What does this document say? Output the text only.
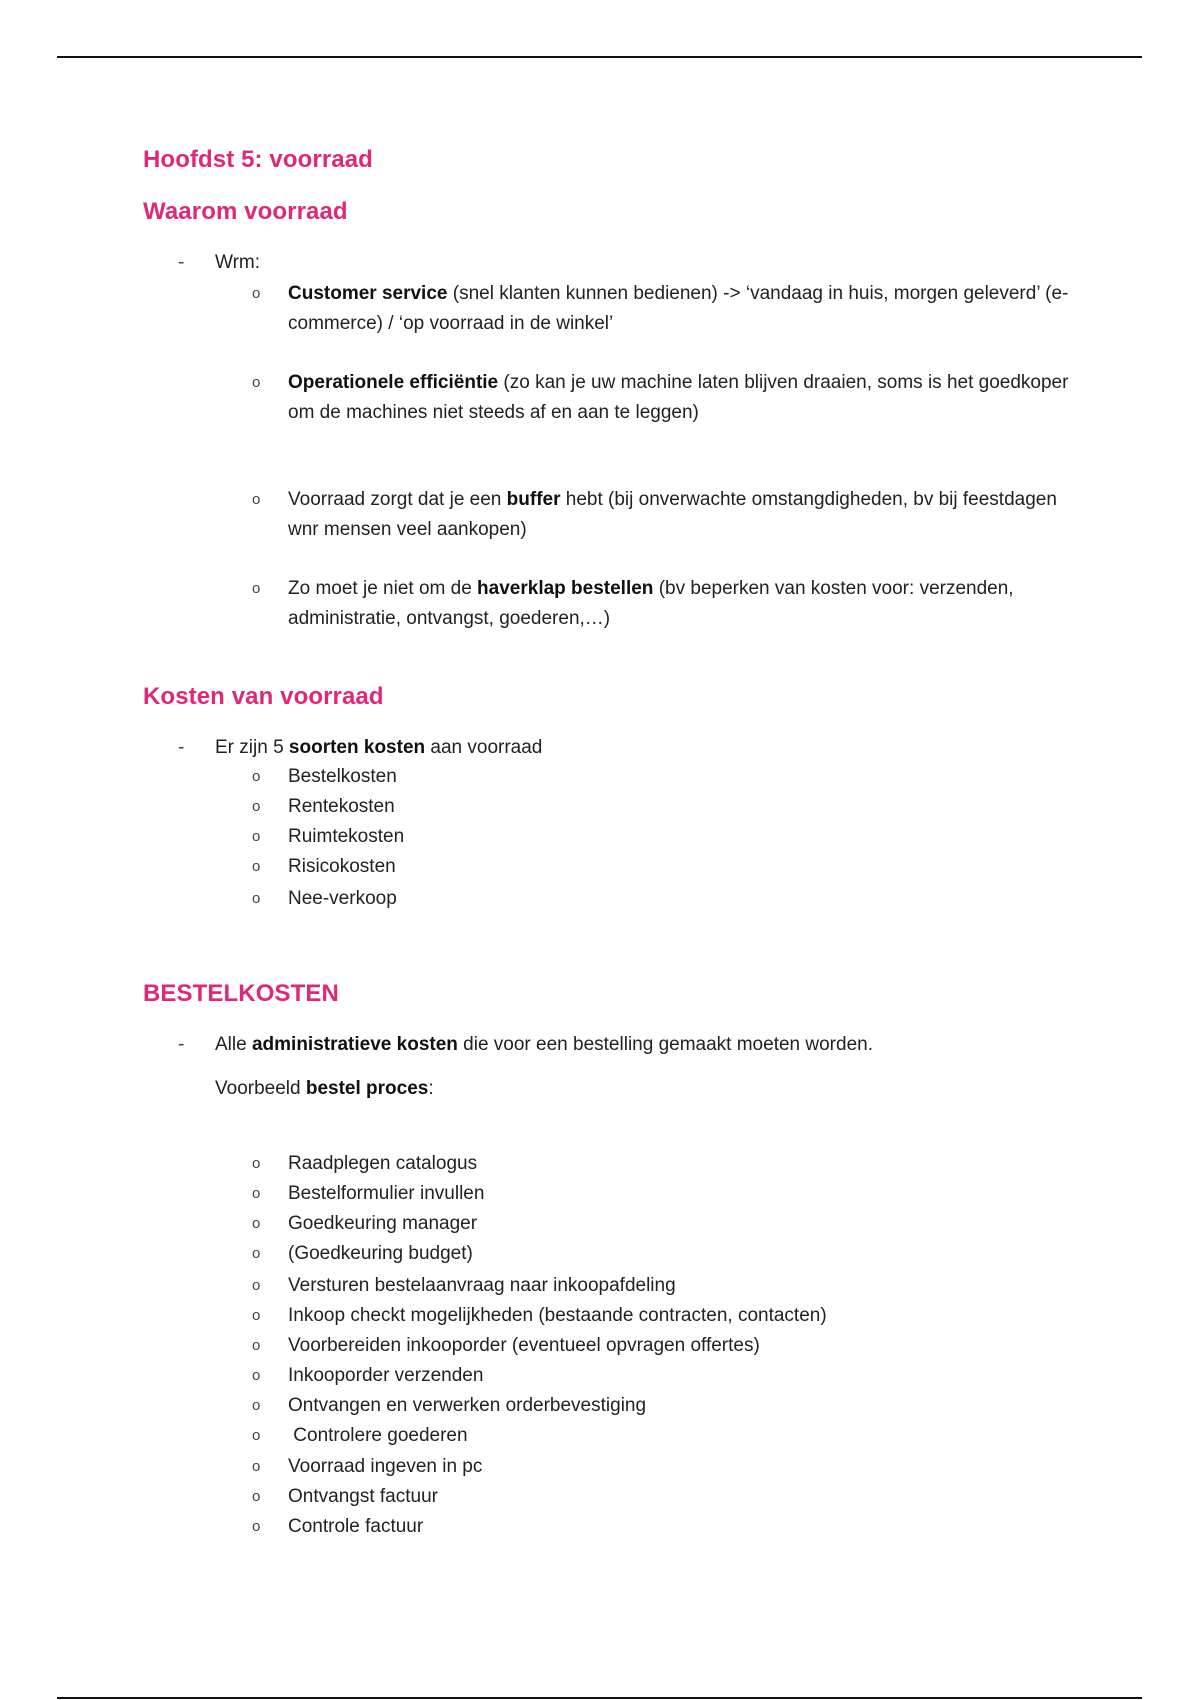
Hoofdst 5: voorraad
Waarom voorraad
- Wrm:
o Customer service (snel klanten kunnen bedienen) -> ‘vandaag in huis, morgen geleverd’ (e-commerce) / ‘op voorraad in de winkel’
o Operationele efficiëntie (zo kan je uw machine laten blijven draaien, soms is het goedkoper om de machines niet steeds af en aan te leggen)
o Voorraad zorgt dat je een buffer hebt (bij onverwachte omstangdigheden, bv bij feestdagen wnr mensen veel aankopen)
o Zo moet je niet om de haverklap bestellen (bv beperken van kosten voor: verzenden, administratie, ontvangst, goederen,…)
Kosten van voorraad
- Er zijn 5 soorten kosten aan voorraad
o Bestelkosten
o Rentekosten
o Ruimtekosten
o Risicokosten
o Nee-verkoop
BESTELKOSTEN
- Alle administratieve kosten die voor een bestelling gemaakt moeten worden.
Voorbeeld bestel proces:
o Raadplegen catalogus
o Bestelformulier invullen
o Goedkeuring manager
o (Goedkeuring budget)
o Versturen bestelaanvraag naar inkoopafdeling
o Inkoop checkt mogelijkheden (bestaande contracten, contacten)
o Voorbereiden inkooporder (eventueel opvragen offertes)
o Inkooporder verzenden
o Ontvangen en verwerken orderbevestiging
o Controlere goederen
o Voorraad ingeven in pc
o Ontvangst factuur
o Controle factuur
